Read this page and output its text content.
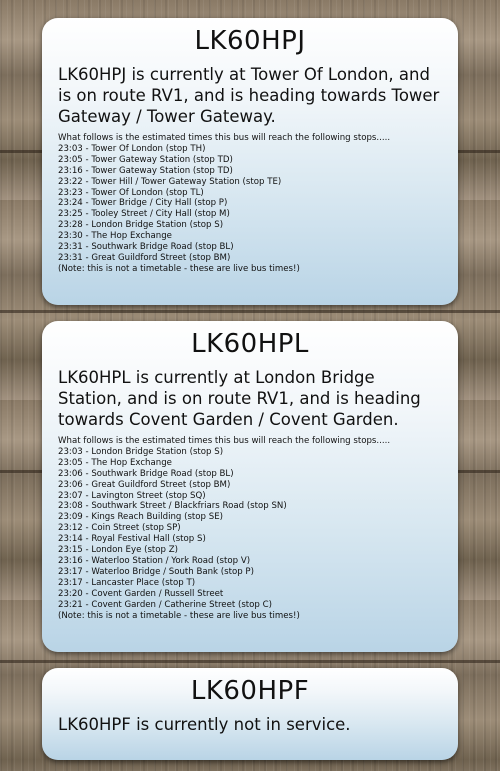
LK60HPJ

LK60HPJ is currently at Tower Of London, and is on route RV1, and is heading towards Tower Gateway / Tower Gateway.

What follows is the estimated times this bus will reach the following stops.....

23:03 - Tower Of London (stop TH)
23:05 - Tower Gateway Station (stop TD)
23:16 - Tower Gateway Station (stop TD)
23:22 - Tower Hill / Tower Gateway Station (stop TE)
23:23 - Tower Of London (stop TL)
23:24 - Tower Bridge / City Hall (stop P)
23:25 - Tooley Street / City Hall (stop M)
23:28 - London Bridge Station (stop S)
23:30 - The Hop Exchange
23:31 - Southwark Bridge Road (stop BL)
23:31 - Great Guildford Street (stop BM)

(Note: this is not a timetable - these are live bus times!)

LK60HPL

LK60HPL is currently at London Bridge Station, and is on route RV1, and is heading towards Covent Garden / Covent Garden.

What follows is the estimated times this bus will reach the following stops.....

23:03 - London Bridge Station (stop S)
23:05 - The Hop Exchange
23:06 - Southwark Bridge Road (stop BL)
23:06 - Great Guildford Street (stop BM)
23:07 - Lavington Street (stop SQ)
23:08 - Southwark Street / Blackfriars Road (stop SN)
23:09 - Kings Reach Building (stop SE)
23:12 - Coin Street (stop SP)
23:14 - Royal Festival Hall (stop S)
23:15 - London Eye (stop Z)
23:16 - Waterloo Station / York Road (stop V)
23:17 - Waterloo Bridge / South Bank (stop P)
23:17 - Lancaster Place (stop T)
23:20 - Covent Garden / Russell Street
23:21 - Covent Garden / Catherine Street (stop C)

(Note: this is not a timetable - these are live bus times!)

LK60HPF

LK60HPF is currently not in service.
